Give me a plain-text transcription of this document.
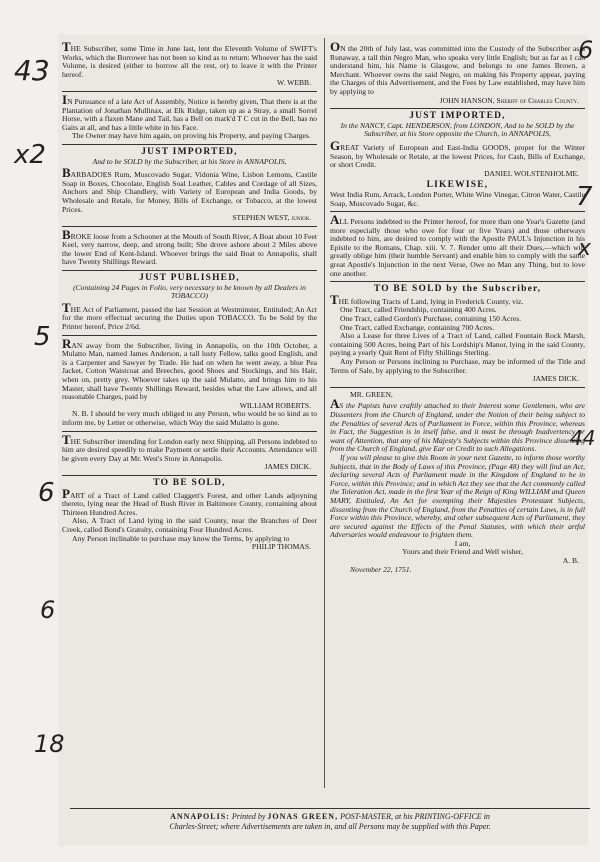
THE Subscriber, some Time in June last, lent the Eleventh Volume of SWIFT's Works, which the Borrower has not been so kind as to return: Whoever has the said Volume, is desired (either to borrow all the rest, or) to leave it with the Printer hereof.

W. WEBB.

IN Pursuance of a late Act of Assembly, Notice is hereby given, That there is at the Plantation of Jonathan Mullinax, at Elk Ridge, taken up as a Stray, a small Sorrel Horse, with a flaxen Mane and Tail, has a Bell on mark'd T C cut in the Bell, has no Gaits at all, and has a little white in his Face.

The Owner may have him again, on proving his Property, and paying Charges.

JUST IMPORTED,
And to be SOLD by the Subscriber, at his Store in ANNAPOLIS,

BARBADOES Rum, Muscovado Sugar, Vidonia Wine, Lisbon Lemons, Castile Soap in Boxes, Chocolate, English Soal Leather, Cables and Cordage of all Sizes, Anchors and Ship Chandlery, with Variety of European and India Goods, by Wholesale and Retale, for Money, Bills of Exchange, or Tobacco, at the lowest Prices.

STEPHEN WEST, junior.

BROKE loose from a Schooner at the Mouth of South River, A Boat about 10 Feet Keel, very narrow, deep, and strong built; She drove ashore about 2 Miles above the lower End of Kent-Island. Whoever brings the said Boat to Annapolis, shall have Twenty Shillings Reward.

JUST PUBLISHED,
(Containing 24 Pages in Folio, very necessary to be known by all Dealers in TOBACCO)

THE Act of Parliament, passed the last Session at Westminster, Entituled; An Act for the more effectual securing the Duties upon TOBACCO. To be Sold by the Printer hereof, Price 2/6d.

RAN away from the Subscriber, living in Annapolis, on the 10th October, a Mulatto Man, named James Anderson, a tall lusty Fellow, talks good English, and is a Carpenter and Sawyer by Trade. He had on when he went away, a blue Pea Jacket, Cotton Waistcoat and Breeches, good Shoes and Stockings, and his Hair, when on, pretty grey. Whoever takes up the said Mulatto, and brings him to his Master, shall have Twenty Shillings Reward, besides what the Law allows, and all reasonable Charges, paid by

WILLIAM ROBERTS.

N. B. I should be very much obliged to any Person, who would be so kind as to inform me, by Letter or otherwise, which Way the said Mulatto is gone.

THE Subscriber intending for London early next Shipping, all Persons indebted to him are desired speedily to make Payment or settle their Accounts. Attendance will be given every Day at Mr. West's Store in Annapolis.

JAMES DICK.
TO BE SOLD,

PART of a Tract of Land called Claggett's Forest, and other Lands adjoyning thereto, lying near the Head of Bush River in Baltimore County, containing about Thirteen Hundred Acres.

Also, A Tract of Land lying in the said County, near the Branches of Deer Creek, called Bond's Gratuity, containing Four Hundred Acres.

Any Person inclinable to purchase may know the Terms, by applying to

PHILIP THOMAS.

ON the 20th of July last, was committed into the Custody of the Subscriber as a Runaway, a tall thin Negro Man, who speaks very little English; but as far as I can understand him, his Name is Glasgow, and belongs to one James Brown, a Merchant. Whoever owns the said Negro, on making his Property appear, paying the Charges of this Advertisement, and the Fees by Law established, may have him by applying to

JOHN HANSON, Sheriff of Charles County.
JUST IMPORTED,
In the NANCY, Capt. HENDERSON, from LONDON, And to be SOLD by the Subscriber, at his Store opposite the Church, in ANNAPOLIS,

GREAT Variety of European and East-India GOODS, proper for the Winter Season, by Wholesale or Retale, at the lowest Prices, for Cash, Bills of Exchange, or short Credit.

DANIEL WOLSTENHOLME.
LIKEWISE,

West India Rum, Arrack, London Porter, White Wine Vinegar, Citron Water, Castile Soap, Muscovado Sugar, &c.

ALL Persons indebted to the Printer hereof, for more than one Year's Gazette (and more especially those who owe for four or five Years) and those otherways indebted to him, are desired to comply with the Apostle PAUL's Injunction in his Epistle to the Romans, Chap. xiii. V. 7. Render unto all their Dues,—which will greatly oblige him (their humble Servant) and enable him to comply with the same great Apostle's Injunction in the next Verse, Owe no Man any Thing, but to love one another.

TO BE SOLD by the Subscriber,

THE following Tracts of Land, lying in Frederick County, viz.

One Tract, called Friendship, containing 400 Acres.

One Tract, called Gordon's Purchase, containing 150 Acres.

One Tract, called Exchange, containing 700 Acres.

Also a Lease for three Lives of a Tract of Land, called Fountain Rock Marsh, containing 500 Acres, being Part of his Lordship's Manor, lying in the said County, paying a yearly Quit Rent of Fifty Shillings Sterling.

Any Person or Persons inclining to Purchase, may be informed of the Title and Terms of Sale, by applying to the Subscriber.

JAMES DICK.

MR. GREEN,

AS the Papists have craftily attached to their Interest some Gentlemen, who are Dissenters from the Church of England, under the Notion of their being subject to the Penalties of several Acts of Parliament in Force, within this Province, whereas in Fact, the Suggestion is in itself false, and it must be through Inadvertency or want of Attention, that any of his Majesty's Subjects within this Province dissenting from the Church of England, give Ear or Credit to such Allegations.

If you will please to give this Room in your next Gazette, to inform those worthy Subjects, that in the Body of Laws of this Province, (Page 48) they will find an Act, declaring several Acts of Parliament made in the Kingdom of England to be in Force, within this Province; and in which Act they see that the Act commonly called the Toleration Act, made in the first Year of the Reign of King WILLIAM and Queen MARY, Entituled, An Act for exempting their Majesties Protestant Subjects, dissenting from the Church of England, from the Penalties of certain Laws, is in full Force within this Province, whereby, and other subsequent Acts of Parliament, they are secured against the Effects of the Penal Statutes, with which their artful Adversaries would endeavour to frighten them.

I am,

Yours and their Friend and Well wisher,

A. B.

November 22, 1751.

ANNAPOLIS: Printed by JONAS GREEN, POST-MASTER, at his PRINTING-OFFICE in
Charles-Street; where Advertisements are taken in, and all Persons may be supplied with this Paper.
43
x2
5
6
18
6
6
7
44
x
